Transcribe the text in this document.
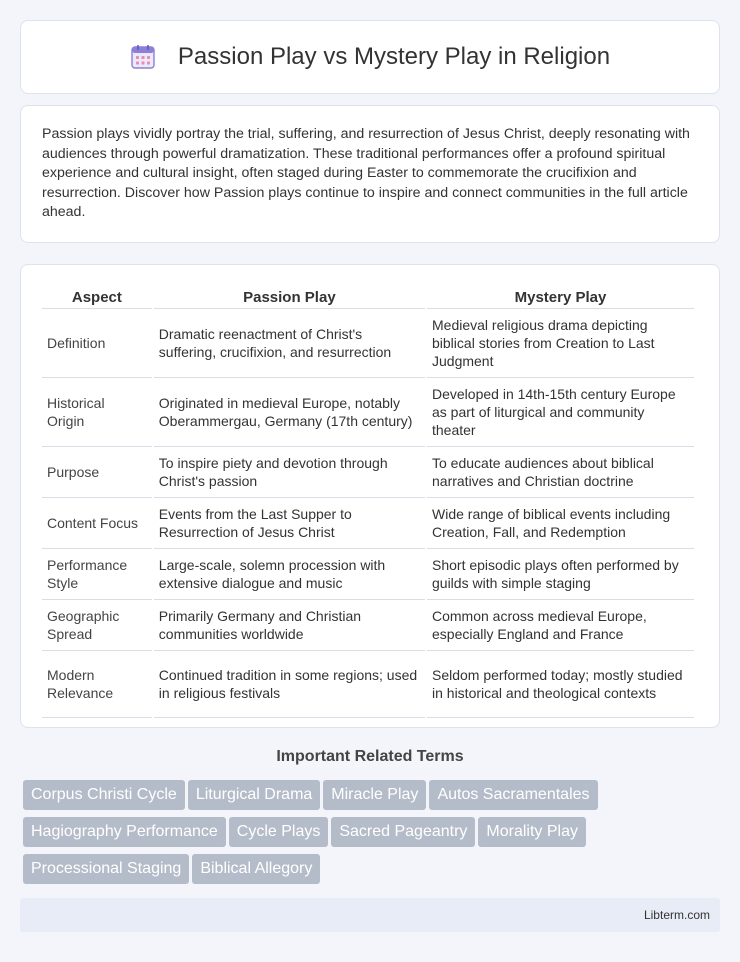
Passion Play vs Mystery Play in Religion

Passion plays vividly portray the trial, suffering, and resurrection of Jesus Christ, deeply resonating with audiences through powerful dramatization. These traditional performances offer a profound spiritual experience and cultural insight, often staged during Easter to commemorate the crucifixion and resurrection. Discover how Passion plays continue to inspire and connect communities in the full article ahead.

Aspect	Passion Play	Mystery Play
Definition	Dramatic reenactment of Christ's suffering, crucifixion, and resurrection	Medieval religious drama depicting biblical stories from Creation to Last Judgment
Historical Origin	Originated in medieval Europe, notably Oberammergau, Germany (17th century)	Developed in 14th-15th century Europe as part of liturgical and community theater
Purpose	To inspire piety and devotion through Christ's passion	To educate audiences about biblical narratives and Christian doctrine
Content Focus	Events from the Last Supper to Resurrection of Jesus Christ	Wide range of biblical events including Creation, Fall, and Redemption
Performance Style	Large-scale, solemn procession with extensive dialogue and music	Short episodic plays often performed by guilds with simple staging
Geographic Spread	Primarily Germany and Christian communities worldwide	Common across medieval Europe, especially England and France
Modern Relevance	Continued tradition in some regions; used in religious festivals	Seldom performed today; mostly studied in historical and theological contexts
Important Related Terms
Corpus Christi Cycle Liturgical Drama Miracle Play Autos Sacramentales
Hagiography Performance Cycle Plays Sacred Pageantry Morality Play
Processional Staging Biblical Allegory
Libterm.com
